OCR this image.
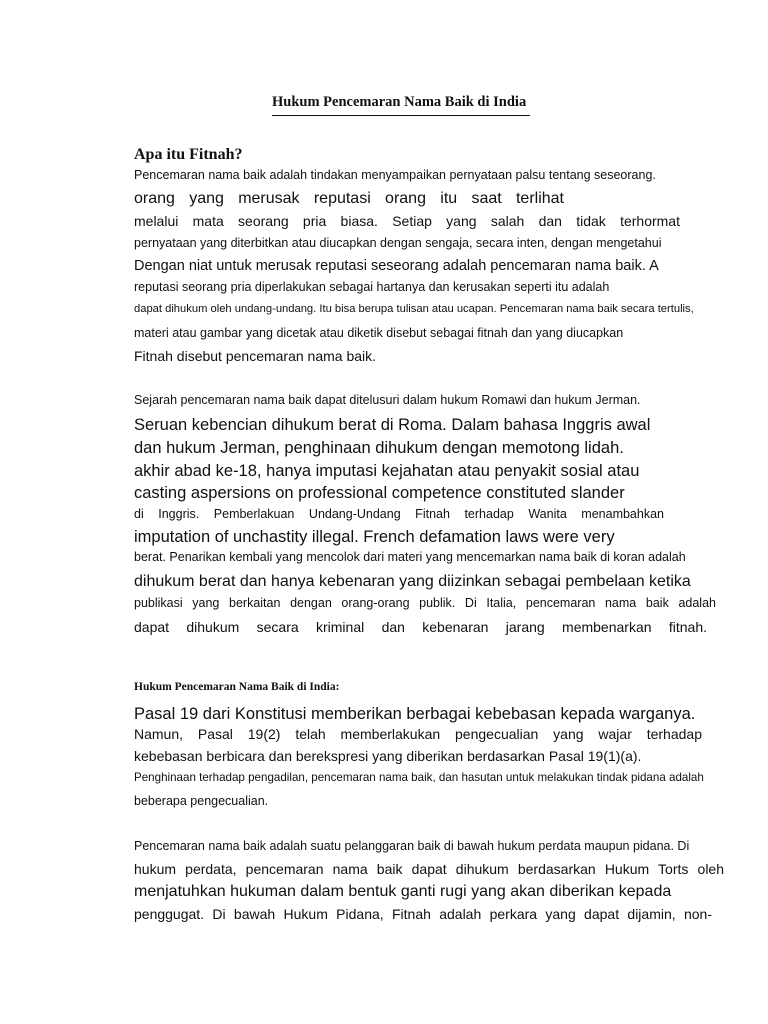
Hukum Pencemaran Nama Baik di India
Apa itu Fitnah?
Pencemaran nama baik adalah tindakan menyampaikan pernyataan palsu tentang seseorang.
orang yang merusak reputasi orang itu saat terlihat
melalui mata seorang pria biasa. Setiap yang salah dan tidak terhormat
pernyataan yang diterbitkan atau diucapkan dengan sengaja, secara inten, dengan mengetahui
Dengan niat untuk merusak reputasi seseorang adalah pencemaran nama baik. A
reputasi seorang pria diperlakukan sebagai hartanya dan kerusakan seperti itu adalah
dapat dihukum oleh undang-undang. Itu bisa berupa tulisan atau ucapan. Pencemaran nama baik secara tertulis,
materi atau gambar yang dicetak atau diketik disebut sebagai fitnah dan yang diucapkan
Fitnah disebut pencemaran nama baik.
Sejarah pencemaran nama baik dapat ditelusuri dalam hukum Romawi dan hukum Jerman.
Seruan kebencian dihukum berat di Roma. Dalam bahasa Inggris awal
dan hukum Jerman, penghinaan dihukum dengan memotong lidah.
akhir abad ke-18, hanya imputasi kejahatan atau penyakit sosial atau
casting aspersions on professional competence constituted slander
di Inggris. Pemberlakuan Undang-Undang Fitnah terhadap Wanita menambahkan
imputation of unchastity illegal. French defamation laws were very
berat. Penarikan kembali yang mencolok dari materi yang mencemarkan nama baik di koran adalah
dihukum berat dan hanya kebenaran yang diizinkan sebagai pembelaan ketika
publikasi yang berkaitan dengan orang-orang publik. Di Italia, pencemaran nama baik adalah
dapat dihukum secara kriminal dan kebenaran jarang membenarkan fitnah.
Hukum Pencemaran Nama Baik di India:
Pasal 19 dari Konstitusi memberikan berbagai kebebasan kepada warganya.
Namun, Pasal 19(2) telah memberlakukan pengecualian yang wajar terhadap
kebebasan berbicara dan berekspresi yang diberikan berdasarkan Pasal 19(1)(a).
Penghinaan terhadap pengadilan, pencemaran nama baik, dan hasutan untuk melakukan tindak pidana adalah
beberapa pengecualian.
Pencemaran nama baik adalah suatu pelanggaran baik di bawah hukum perdata maupun pidana. Di
hukum perdata, pencemaran nama baik dapat dihukum berdasarkan Hukum Torts oleh
menjatuhkan hukuman dalam bentuk ganti rugi yang akan diberikan kepada
penggugat. Di bawah Hukum Pidana, Fitnah adalah perkara yang dapat dijamin, non-
